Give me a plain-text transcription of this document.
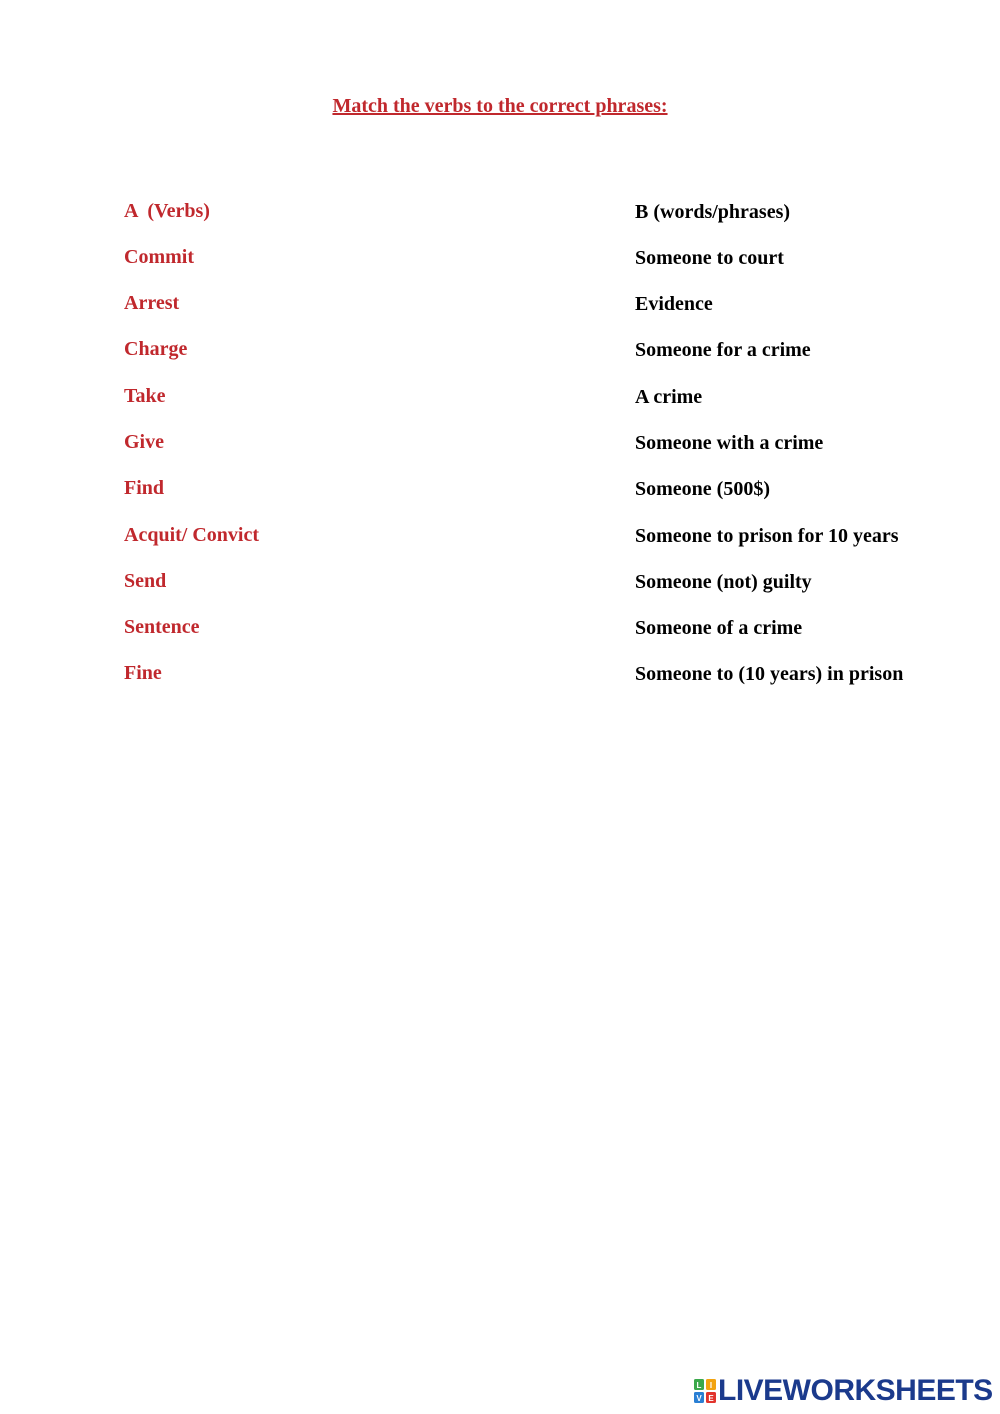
Match the verbs to the correct phrases:
A  (Verbs)	B (words/phrases)
Commit	Someone to court
Arrest	Evidence
Charge	Someone for a crime
Take	A crime
Give	Someone with a crime
Find	Someone (500$)
Acquit/ Convict	Someone to prison for 10 years
Send	Someone (not) guilty
Sentence	Someone of a crime
Fine	Someone to (10 years) in prison
L I
V E LIVEWORKSHEETS
